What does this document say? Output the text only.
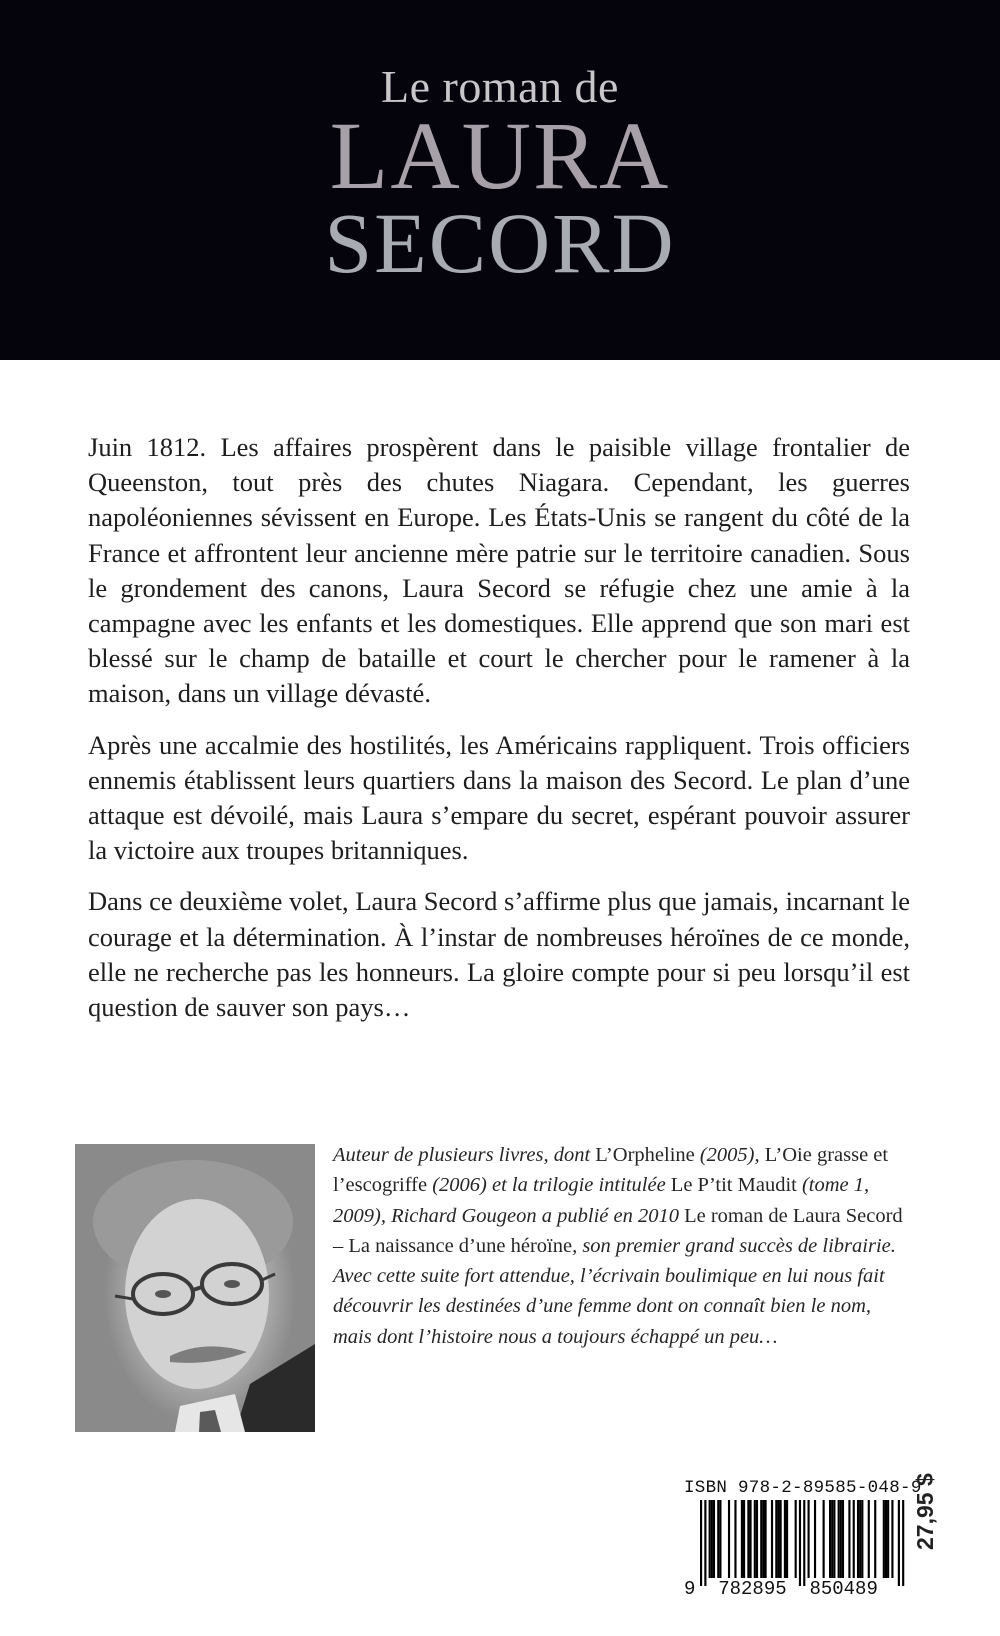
Le roman de
LAURA
SECORD

Juin 1812. Les affaires prospèrent dans le paisible village frontalier de Queenston, tout près des chutes Niagara. Cependant, les guerres napoléoniennes sévissent en Europe. Les États-Unis se rangent du côté de la France et affrontent leur ancienne mère patrie sur le territoire canadien. Sous le grondement des canons, Laura Secord se réfugie chez une amie à la campagne avec les enfants et les domestiques. Elle apprend que son mari est blessé sur le champ de bataille et court le chercher pour le ramener à la maison, dans un village dévasté.

Après une accalmie des hostilités, les Américains rappliquent. Trois officiers ennemis établissent leurs quartiers dans la maison des Secord. Le plan d’une attaque est dévoilé, mais Laura s’empare du secret, espérant pouvoir assurer la victoire aux troupes britanniques.

Dans ce deuxième volet, Laura Secord s’affirme plus que jamais, incarnant le courage et la détermination. À l’instar de nombreuses héroïnes de ce monde, elle ne recherche pas les honneurs. La gloire compte pour si peu lorsqu’il est question de sauver son pays…

Auteur de plusieurs livres, dont L’Orpheline (2005), L’Oie grasse et l’escogriffe (2006) et la trilogie intitulée Le P’tit Maudit (tome 1, 2009), Richard Gougeon a publié en 2010 Le roman de Laura Secord – La naissance d’une héroïne, son premier grand succès de librairie. Avec cette suite fort attendue, l’écrivain boulimique en lui nous fait découvrir les destinées d’une femme dont on connaît bien le nom, mais dont l’histoire nous a toujours échappé un peu…
ISBN 978-2-89585-048-9
9 782895 850489
27,95 $
